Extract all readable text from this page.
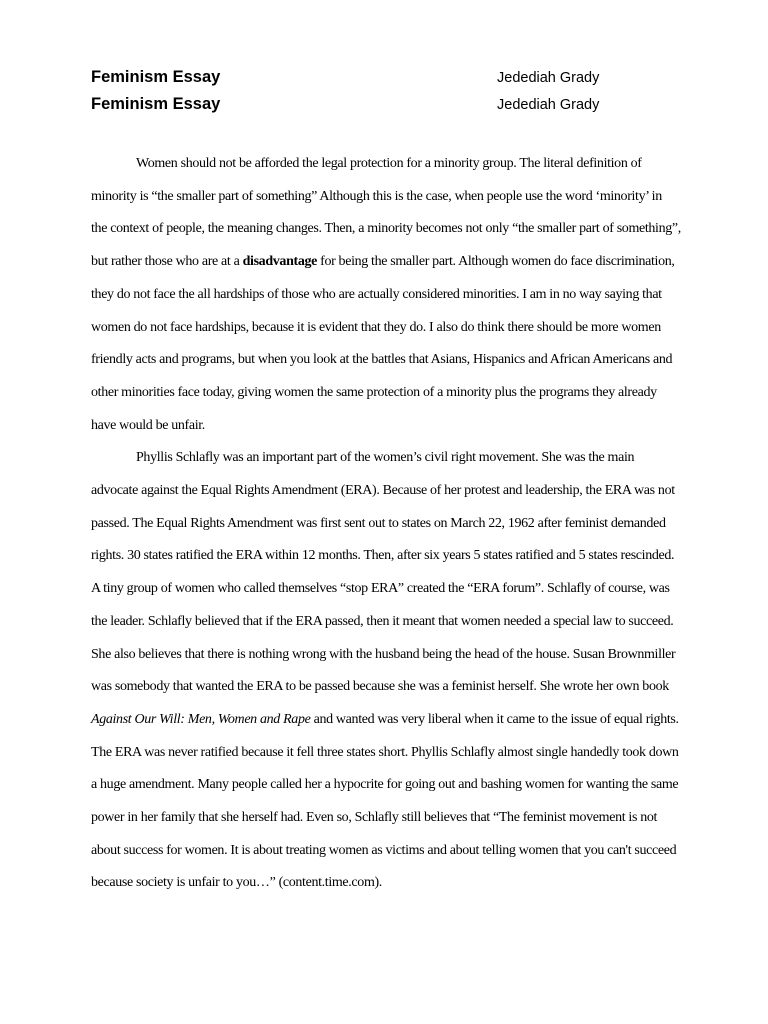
Feminism Essay	Jedediah Grady
Feminism Essay	Jedediah Grady

Women should not be afforded the legal protection for a minority group. The literal definition of minority is “the smaller part of something” Although this is the case, when people use the word ‘minority’ in the context of people, the meaning changes. Then, a minority becomes not only “the smaller part of something”, but rather those who are at a disadvantage for being the smaller part. Although women do face discrimination, they do not face the all hardships of those who are actually considered minorities. I am in no way saying that women do not face hardships, because it is evident that they do. I also do think there should be more women friendly acts and programs, but when you look at the battles that Asians, Hispanics and African Americans and other minorities face today, giving women the same protection of a minority plus the programs they already have would be unfair.

Phyllis Schlafly was an important part of the women’s civil right movement. She was the main advocate against the Equal Rights Amendment (ERA). Because of her protest and leadership, the ERA was not passed. The Equal Rights Amendment was first sent out to states on March 22, 1962 after feminist demanded rights. 30 states ratified the ERA within 12 months. Then, after six years 5 states ratified and 5 states rescinded. A tiny group of women who called themselves “stop ERA” created the “ERA forum”. Schlafly of course, was the leader. Schlafly believed that if the ERA passed, then it meant that women needed a special law to succeed. She also believes that there is nothing wrong with the husband being the head of the house. Susan Brownmiller was somebody that wanted the ERA to be passed because she was a feminist herself. She wrote her own book Against Our Will: Men, Women and Rape and wanted was very liberal when it came to the issue of equal rights. The ERA was never ratified because it fell three states short. Phyllis Schlafly almost single handedly took down a huge amendment. Many people called her a hypocrite for going out and bashing women for wanting the same power in her family that she herself had. Even so, Schlafly still believes that “The feminist movement is not about success for women. It is about treating women as victims and about telling women that you can't succeed because society is unfair to you…” (content.time.com).
